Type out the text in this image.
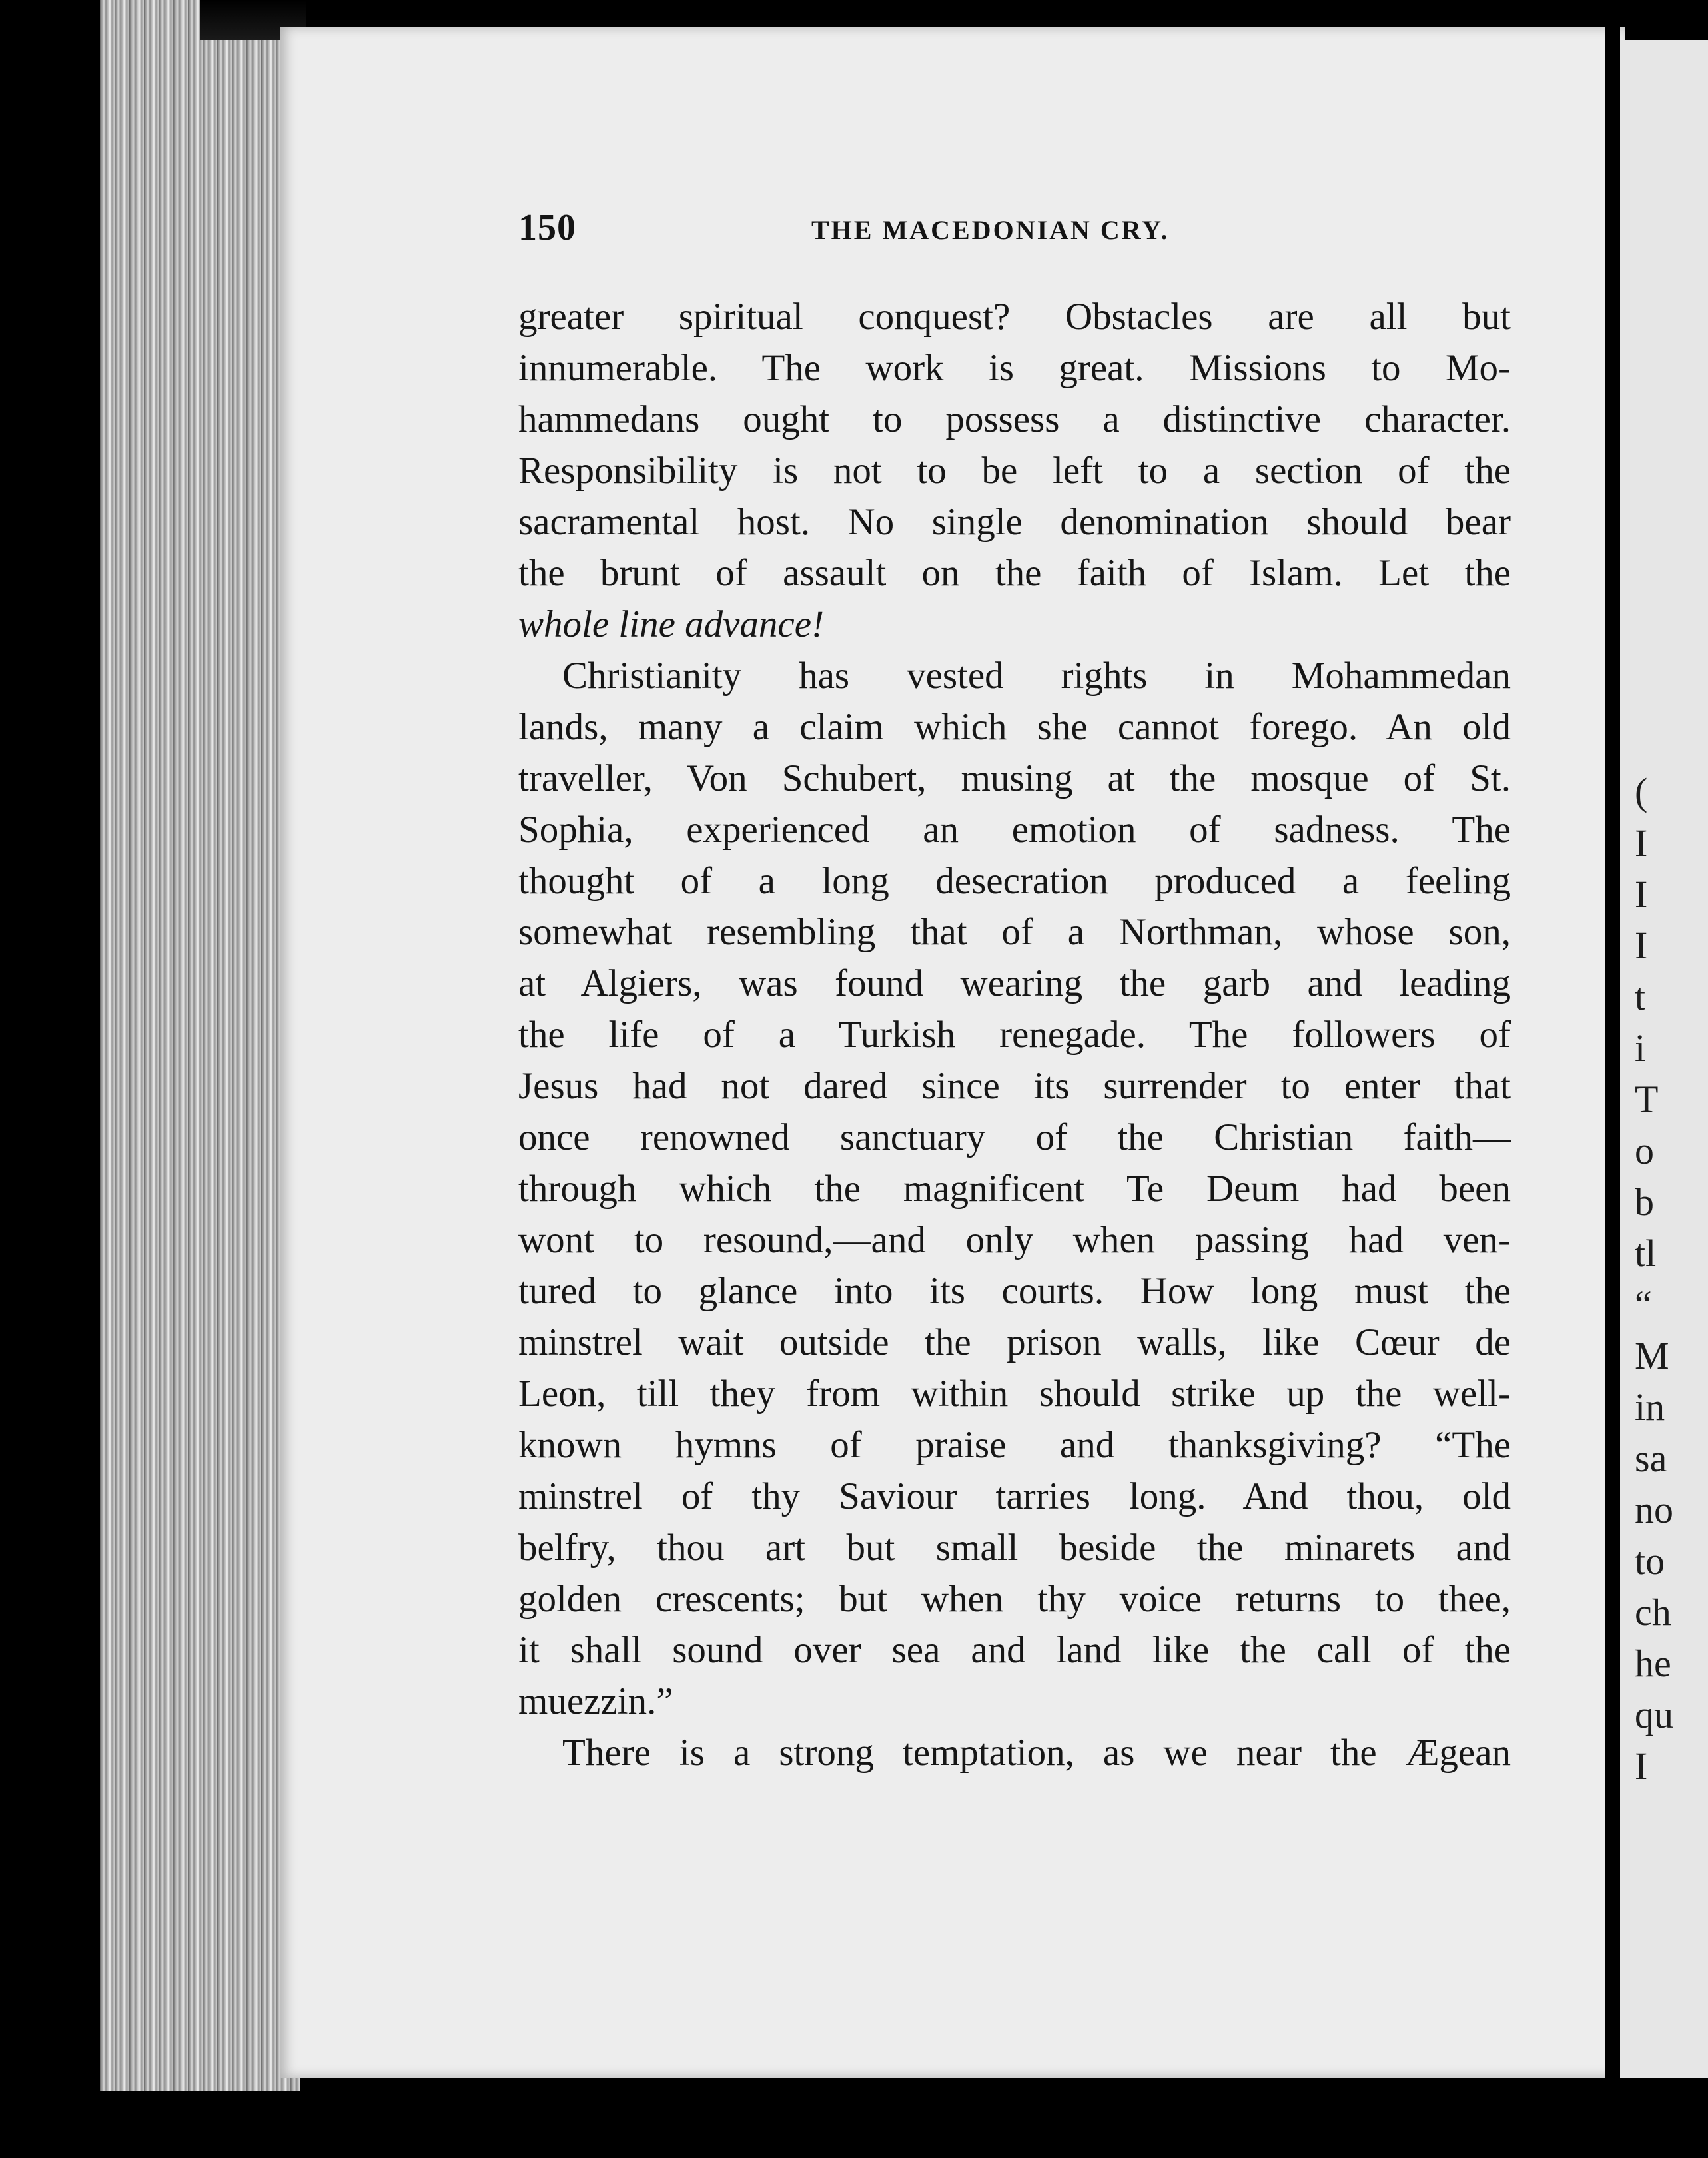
150	THE MACEDONIAN CRY.
greater spiritual conquest? Obstacles are all but
innumerable. The work is great. Missions to Mo-
hammedans ought to possess a distinctive character.
Responsibility is not to be left to a section of the
sacramental host. No single denomination should bear
the brunt of assault on the faith of Islam. Let the
whole line advance!
Christianity has vested rights in Mohammedan
lands, many a claim which she cannot forego. An old
traveller, Von Schubert, musing at the mosque of St.
Sophia, experienced an emotion of sadness. The
thought of a long desecration produced a feeling
somewhat resembling that of a Northman, whose son,
at Algiers, was found wearing the garb and leading
the life of a Turkish renegade. The followers of
Jesus had not dared since its surrender to enter that
once renowned sanctuary of the Christian faith—
through which the magnificent Te Deum had been
wont to resound,—and only when passing had ven-
tured to glance into its courts. How long must the
minstrel wait outside the prison walls, like Cœur de
Leon, till they from within should strike up the well-
known hymns of praise and thanksgiving? “The
minstrel of thy Saviour tarries long. And thou, old
belfry, thou art but small beside the minarets and
golden crescents; but when thy voice returns to thee,
it shall sound over sea and land like the call of the
muezzin.”
There is a strong temptation, as we near the Ægean
(
I
I
I
t
i
T
o
b
tl
“
M
in
sa
no
to
ch
he
qu
I
